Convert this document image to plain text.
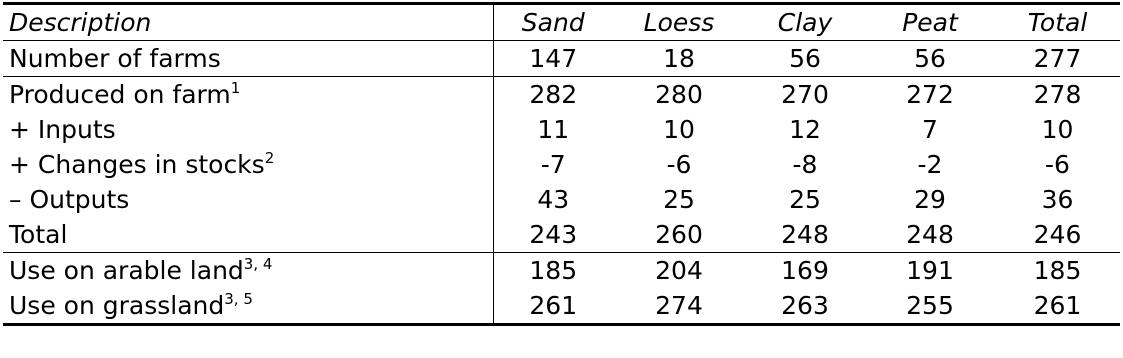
Description	Sand	Loess	Clay	Peat	Total
Number of farms	147	18	56	56	277
Produced on farm$^1$	282	280	270	272	278
+ Inputs	11	10	12	7	10
+ Changes in stocks$^2$	-7	-6	-8	-2	-6
– Outputs	43	25	25	29	36
Total	243	260	248	248	246
Use on arable land$^{3, 4}$	185	204	169	191	185
Use on grassland$^{3, 5}$	261	274	263	255	261
